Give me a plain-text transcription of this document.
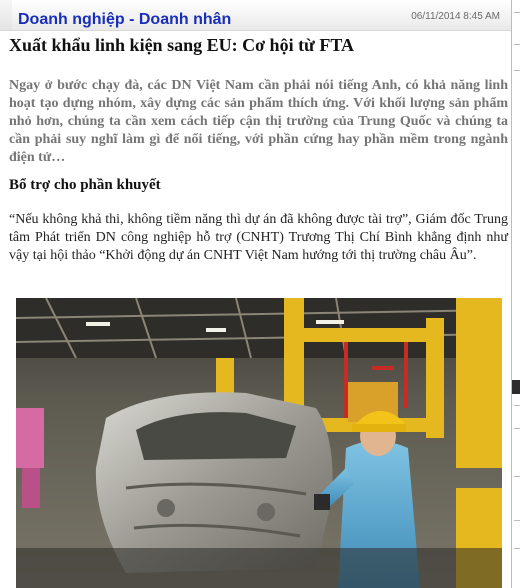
Doanh nghiệp - Doanh nhân	06/11/2014 8:45 AM
Xuất khẩu linh kiện sang EU: Cơ hội từ FTA

Ngay ở bước chạy đà, các DN Việt Nam cần phải nói tiếng Anh, có khả năng linh hoạt tạo dựng nhóm, xây dựng các sản phẩm thích ứng. Với khối lượng sản phẩm nhỏ hơn, chúng ta cần xem cách tiếp cận thị trường của Trung Quốc và chúng ta cần phải suy nghĩ làm gì để nổi tiếng, với phần cứng hay phần mềm trong ngành điện tử…

Bổ trợ cho phần khuyết

“Nếu không khả thi, không tiềm năng thì dự án đã không được tài trợ”, Giám đốc Trung tâm Phát triển DN công nghiệp hỗ trợ (CNHT) Trương Thị Chí Bình khẳng định như vậy tại hội thảo “Khởi động dự án CNHT Việt Nam hướng tới thị trường châu Âu”.
